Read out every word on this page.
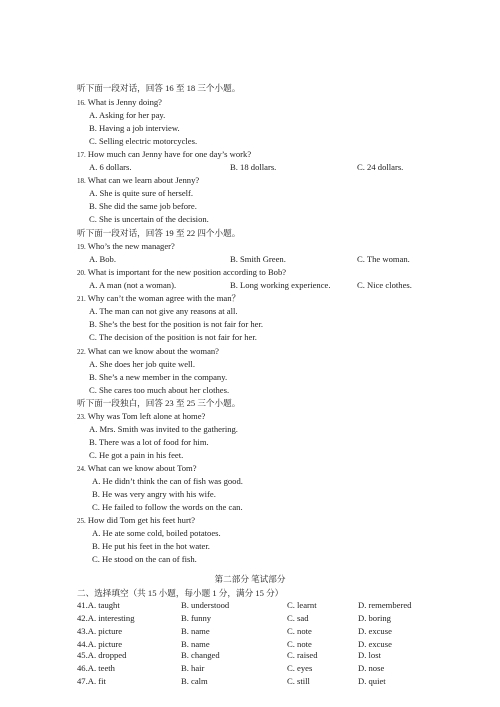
听下面一段对话，回答 16 至 18 三个小题。
16. What is Jenny doing?
A. Asking for her pay.
B. Having a job interview.
C. Selling electric motorcycles.
17. How much can Jenny have for one day’s work?
A. 6 dollars.	B. 18 dollars.	C. 24 dollars.
18. What can we learn about Jenny?
A. She is quite sure of herself.
B. She did the same job before.
C. She is uncertain of the decision.
听下面一段对话，回答 19 至 22 四个小题。
19. Who’s the new manager?
A. Bob.	B. Smith Green.	C. The woman.
20. What is important for the new position according to Bob?
A. A man (not a woman).	B. Long working experience.	C. Nice clothes.
21. Why can’t the woman agree with the man？
A. The man can not give any reasons at all.
B. She’s the best for the position is not fair for her.
C. The decision of the position is not fair for her.
22. What can we know about the woman?
A. She does her job quite well.
B. She’s a new member in the company.
C. She cares too much about her clothes.
听下面一段独白，回答 23 至 25 三个小题。
23. Why was Tom left alone at home?
A. Mrs. Smith was invited to the gathering.
B. There was a lot of food for him.
C. He got a pain in his feet.
24. What can we know about Tom?
A. He didn’t think the can of fish was good.
B. He was very angry with his wife.
C. He failed to follow the words on the can.
25. How did Tom get his feet hurt?
A. He ate some cold, boiled potatoes.
B. He put his feet in the hot water.
C. He stood on the can of fish.
第二部分 笔试部分
二、选择填空（共 15 小题，每小题 1 分，满分 15 分）
41.A. taught	B. understood	C. learnt	D. remembered
42.A. interesting	B. funny	C. sad	D. boring
43.A. picture	B. name	C. note	D. excuse
44.A. picture	B. name	C. note	D. excuse
45.A. dropped	B. changed	C. raised	D. lost
46.A. teeth	B. hair	C. eyes	D. nose
47.A. fit	B. calm	C. still	D. quiet
